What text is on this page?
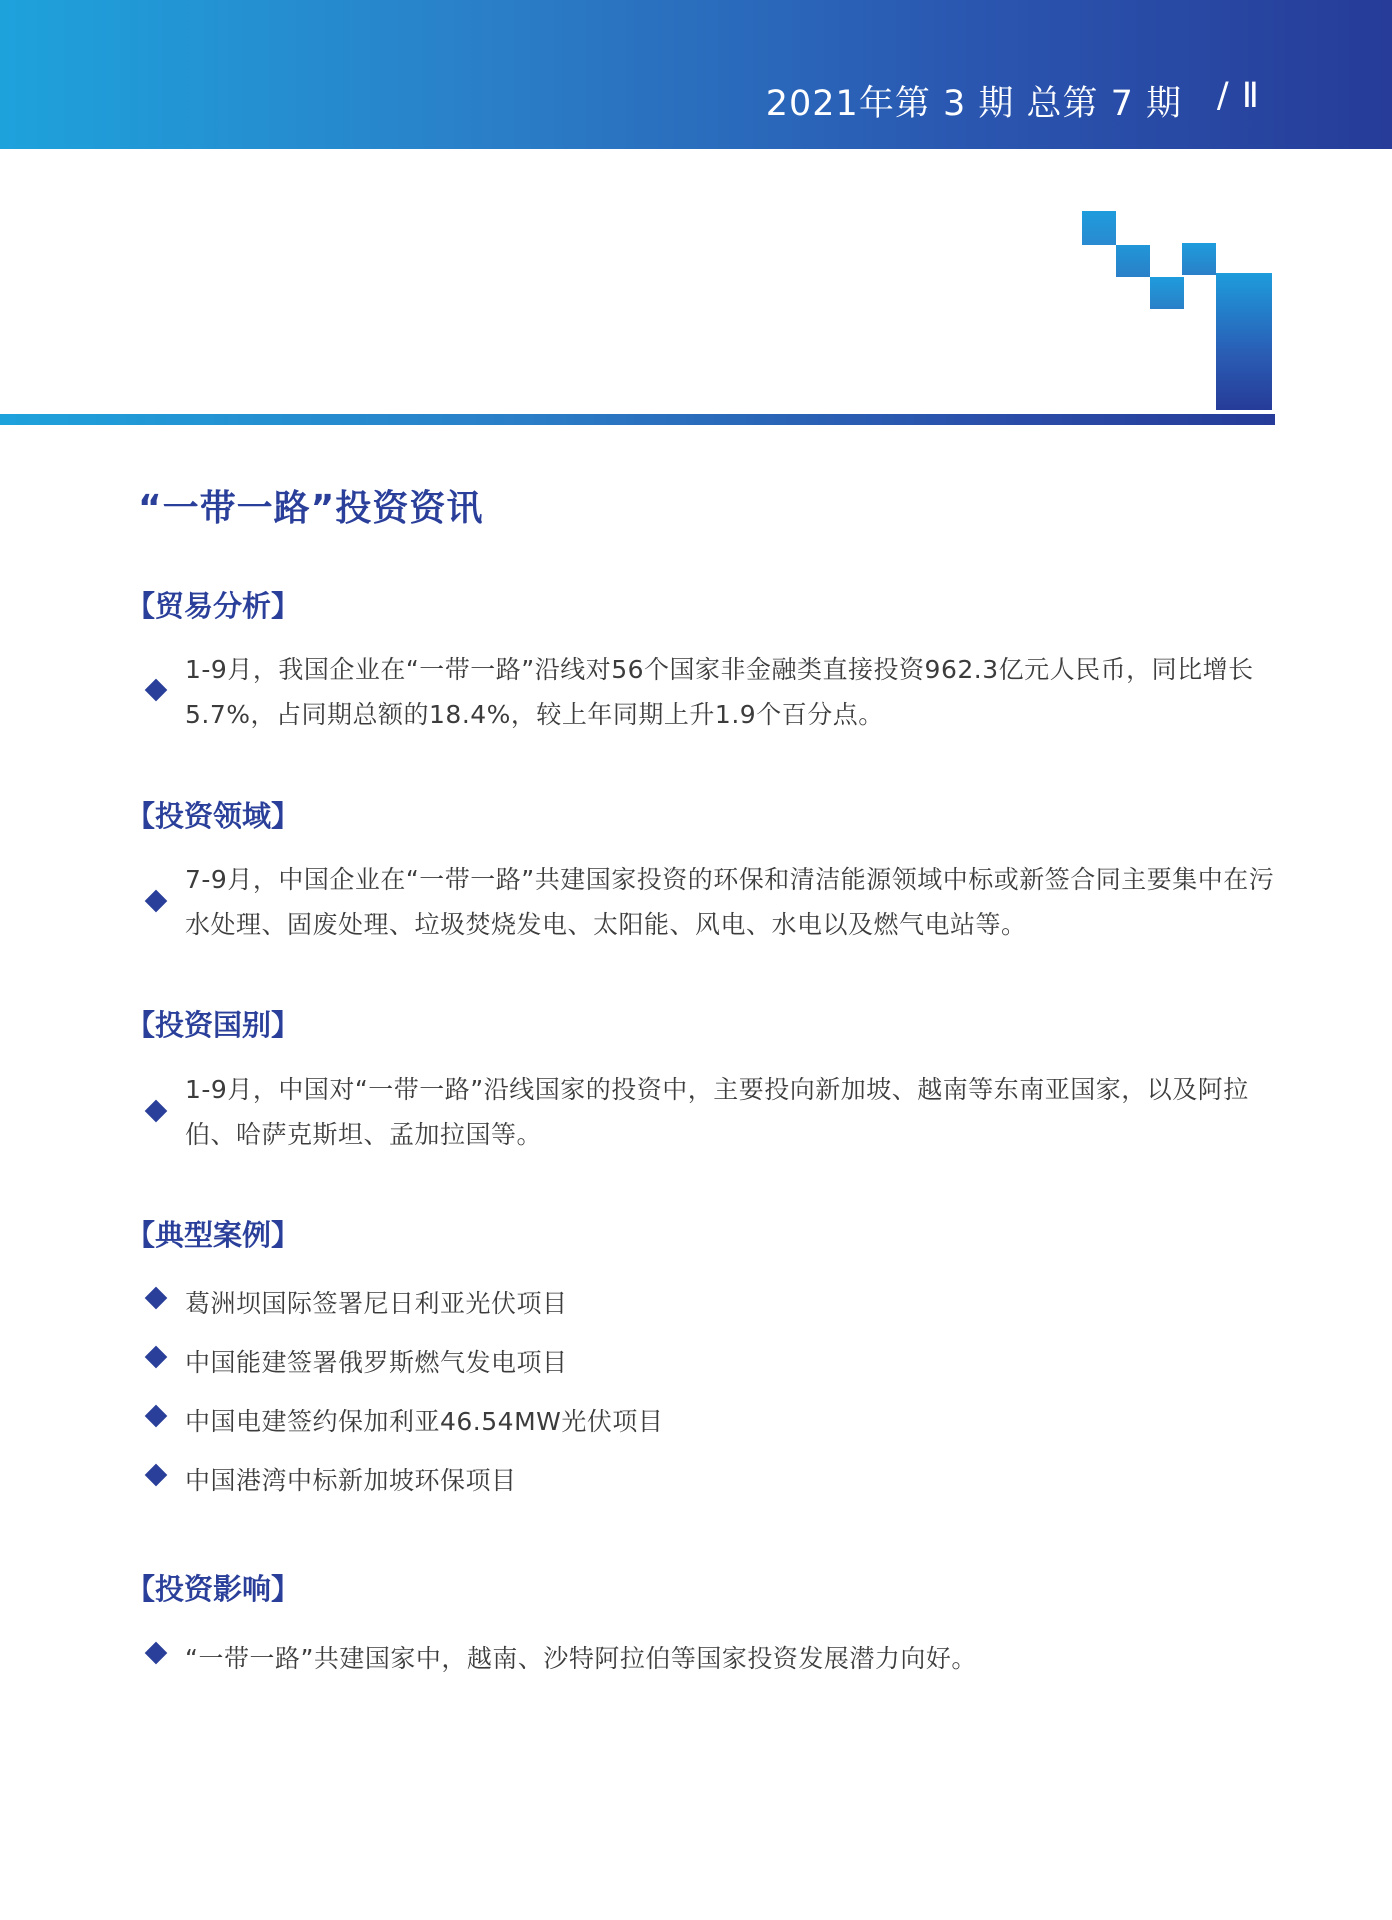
2021年第 3 期 总第 7 期 / Ⅱ
“一带一路”投资资讯
【贸易分析】
1-9月，我国企业在“一带一路”沿线对56个国家非金融类直接投资962.3亿元人民币，同比增长5.7%，占同期总额的18.4%，较上年同期上升1.9个百分点。
【投资领域】
7-9月，中国企业在“一带一路”共建国家投资的环保和清洁能源领域中标或新签合同主要集中在污水处理、固废处理、垃圾焚烧发电、太阳能、风电、水电以及燃气电站等。
【投资国别】
1-9月，中国对“一带一路”沿线国家的投资中，主要投向新加坡、越南等东南亚国家，以及阿拉伯、哈萨克斯坦、孟加拉国等。
【典型案例】
葛洲坝国际签署尼日利亚光伏项目
中国能建签署俄罗斯燃气发电项目
中国电建签约保加利亚46.54MW光伏项目
中国港湾中标新加坡环保项目
【投资影响】
“一带一路”共建国家中，越南、沙特阿拉伯等国家投资发展潜力向好。
